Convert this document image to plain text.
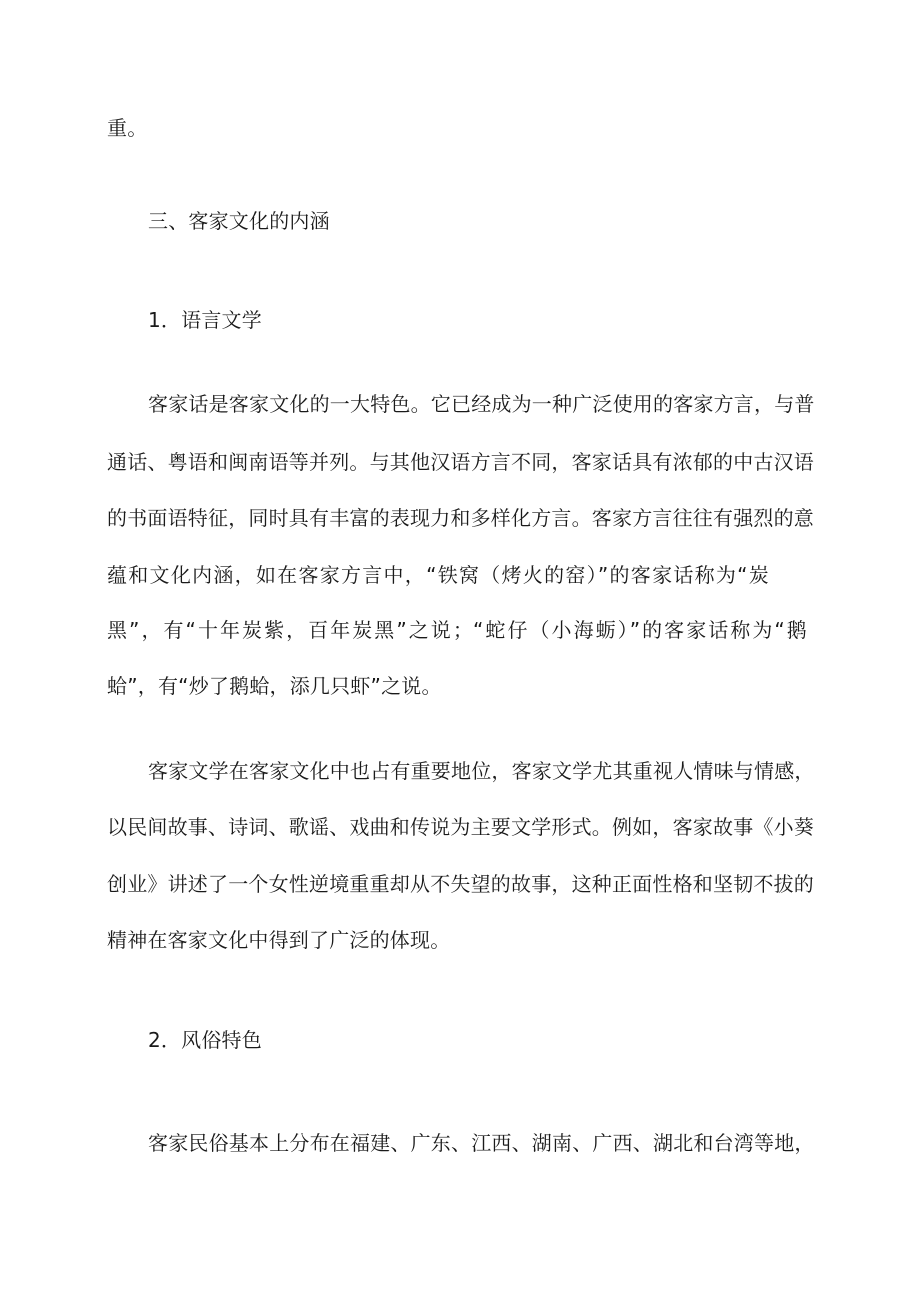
重。
三、客家文化的内涵
1．语言文学
客家话是客家文化的一大特色。它已经成为一种广泛使用的客家方言，与普
通话、粤语和闽南语等并列。与其他汉语方言不同，客家话具有浓郁的中古汉语
的书面语特征，同时具有丰富的表现力和多样化方言。客家方言往往有强烈的意
蕴和文化内涵，如在客家方言中，“铁窝（烤火的窑）”的客家话称为“炭
黑”，有“十年炭紫，百年炭黑”之说；“蛇仔（小海蛎）”的客家话称为“鹅
蛤”，有“炒了鹅蛤，添几只虾”之说。
客家文学在客家文化中也占有重要地位，客家文学尤其重视人情味与情感，
以民间故事、诗词、歌谣、戏曲和传说为主要文学形式。例如，客家故事《小葵
创业》讲述了一个女性逆境重重却从不失望的故事，这种正面性格和坚韧不拔的
精神在客家文化中得到了广泛的体现。
2．风俗特色
客家民俗基本上分布在福建、广东、江西、湖南、广西、湖北和台湾等地，
